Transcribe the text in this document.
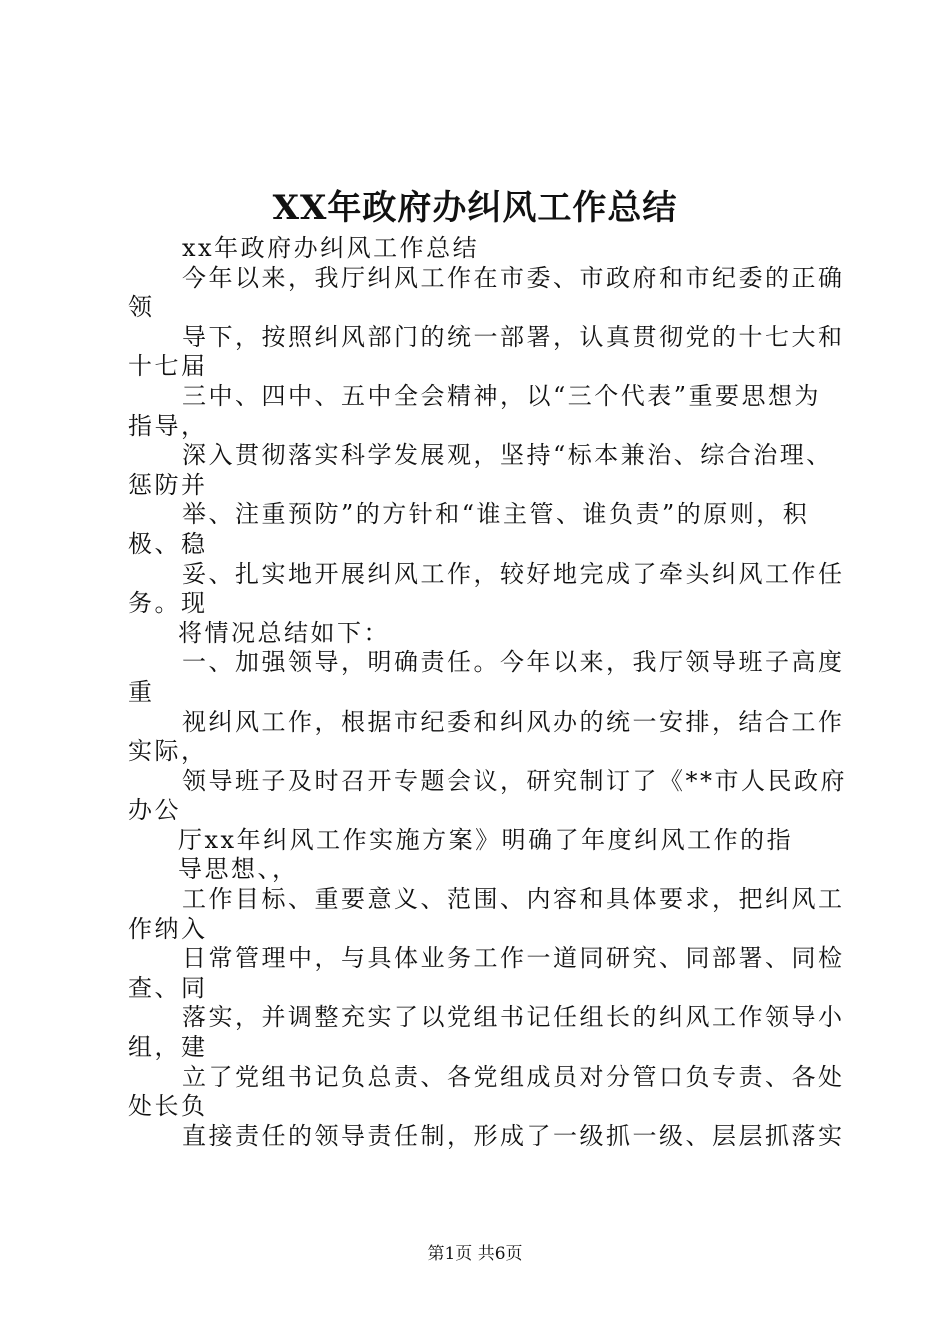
XX年政府办纠风工作总结
xx年政府办纠风工作总结
今年以来，我厅纠风工作在市委、市政府和市纪委的正确
领
导下，按照纠风部门的统一部署，认真贯彻党的十七大和
十七届
三中、四中、五中全会精神，以“三个代表”重要思想为
指导，
深入贯彻落实科学发展观，坚持“标本兼治、综合治理、
惩防并
举、注重预防”的方针和“谁主管、谁负责”的原则，积
极、稳
妥、扎实地开展纠风工作，较好地完成了牵头纠风工作任
务。现
将情况总结如下：
一、加强领导，明确责任。今年以来，我厅领导班子高度
重
视纠风工作，根据市纪委和纠风办的统一安排，结合工作
实际，
领导班子及时召开专题会议，研究制订了《**市人民政府
办公
厅xx年纠风工作实施方案》明确了年度纠风工作的指
导思想、，
工作目标、重要意义、范围、内容和具体要求，把纠风工
作纳入
日常管理中，与具体业务工作一道同研究、同部署、同检
查、同
落实，并调整充实了以党组书记任组长的纠风工作领导小
组，建
立了党组书记负总责、各党组成员对分管口负专责、各处
处长负
直接责任的领导责任制，形成了一级抓一级、层层抓落实
第1页 共6页
